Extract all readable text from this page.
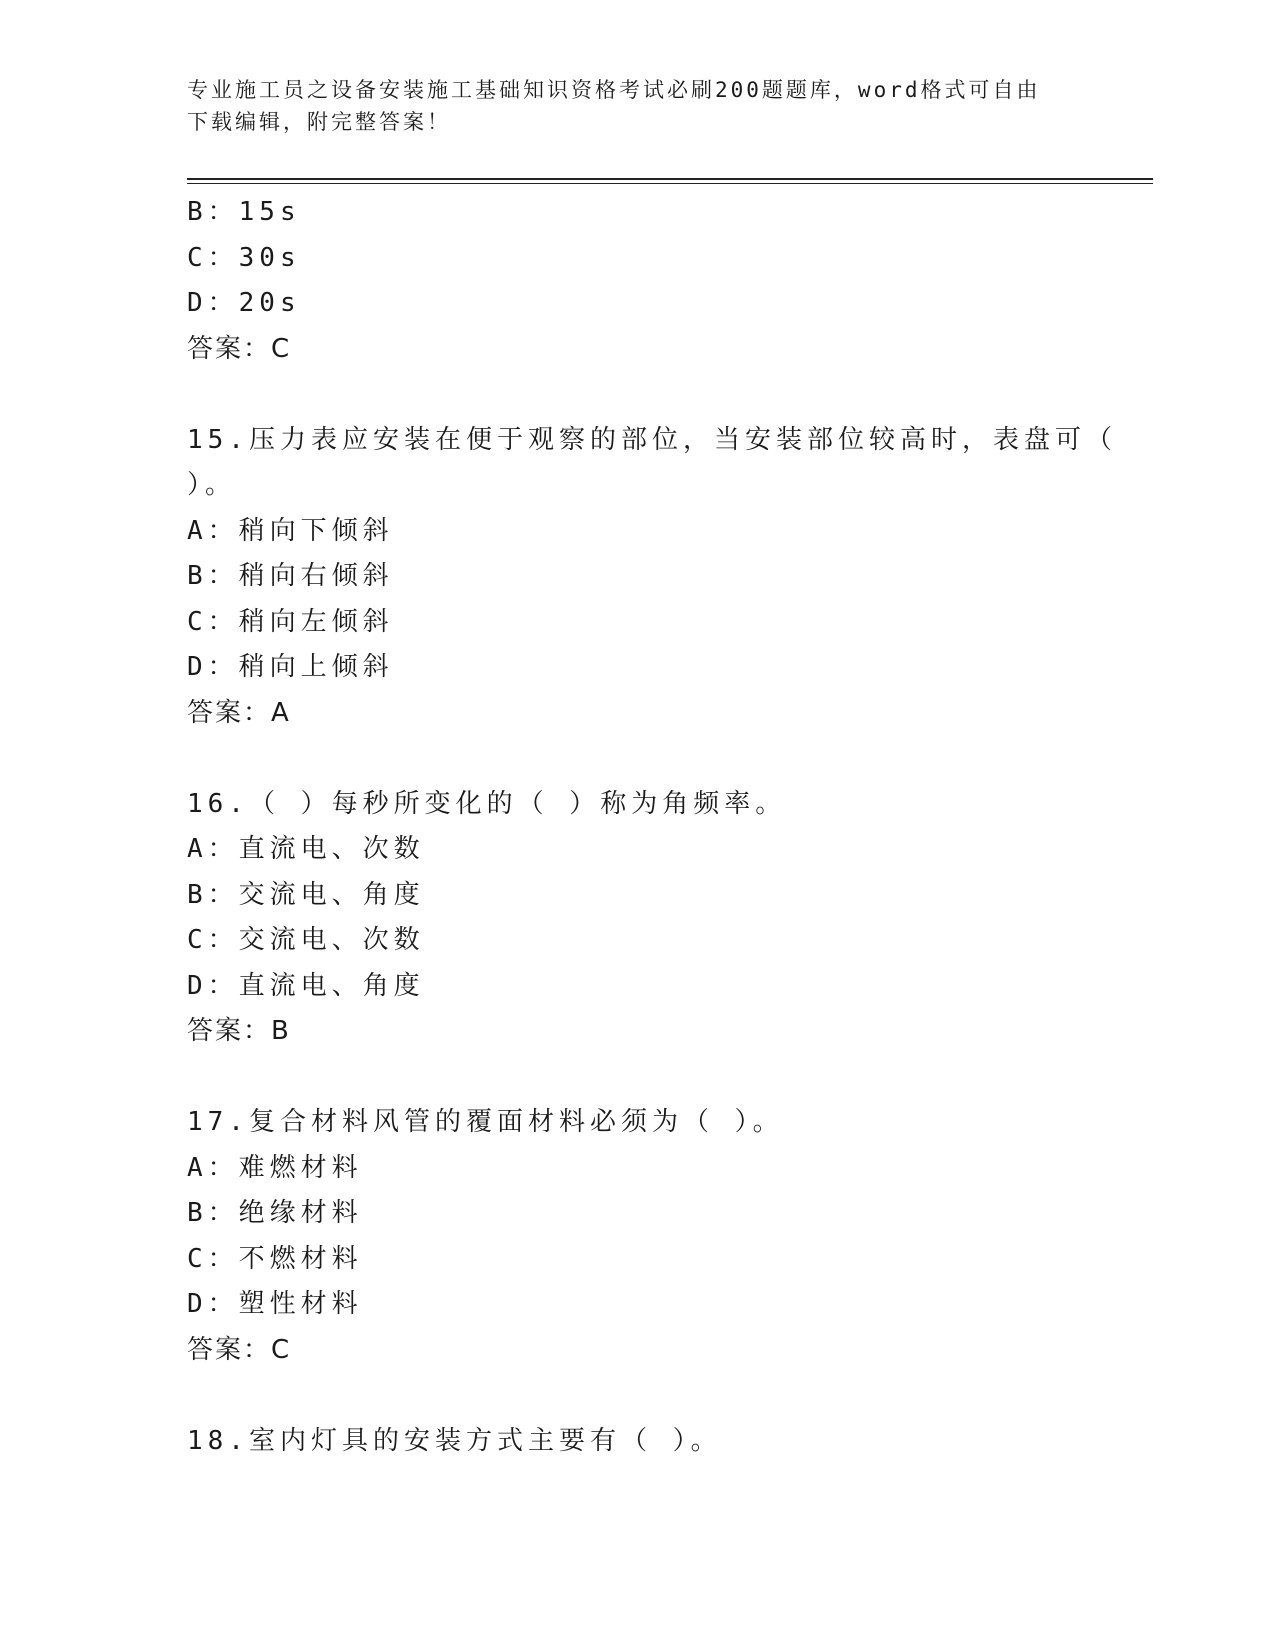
专业施工员之设备安装施工基础知识资格考试必刷200题题库，word格式可自由
下载编辑，附完整答案！
B：15s
C：30s
D：20s
答案：C
15.压力表应安装在便于观察的部位，当安装部位较高时，表盘可（
）。
A：稍向下倾斜
B：稍向右倾斜
C：稍向左倾斜
D：稍向上倾斜
答案：A
16.（ ）每秒所变化的（ ）称为角频率。
A：直流电、次数
B：交流电、角度
C：交流电、次数
D：直流电、角度
答案：B
17.复合材料风管的覆面材料必须为（ ）。
A：难燃材料
B：绝缘材料
C：不燃材料
D：塑性材料
答案：C
18.室内灯具的安装方式主要有（ ）。
